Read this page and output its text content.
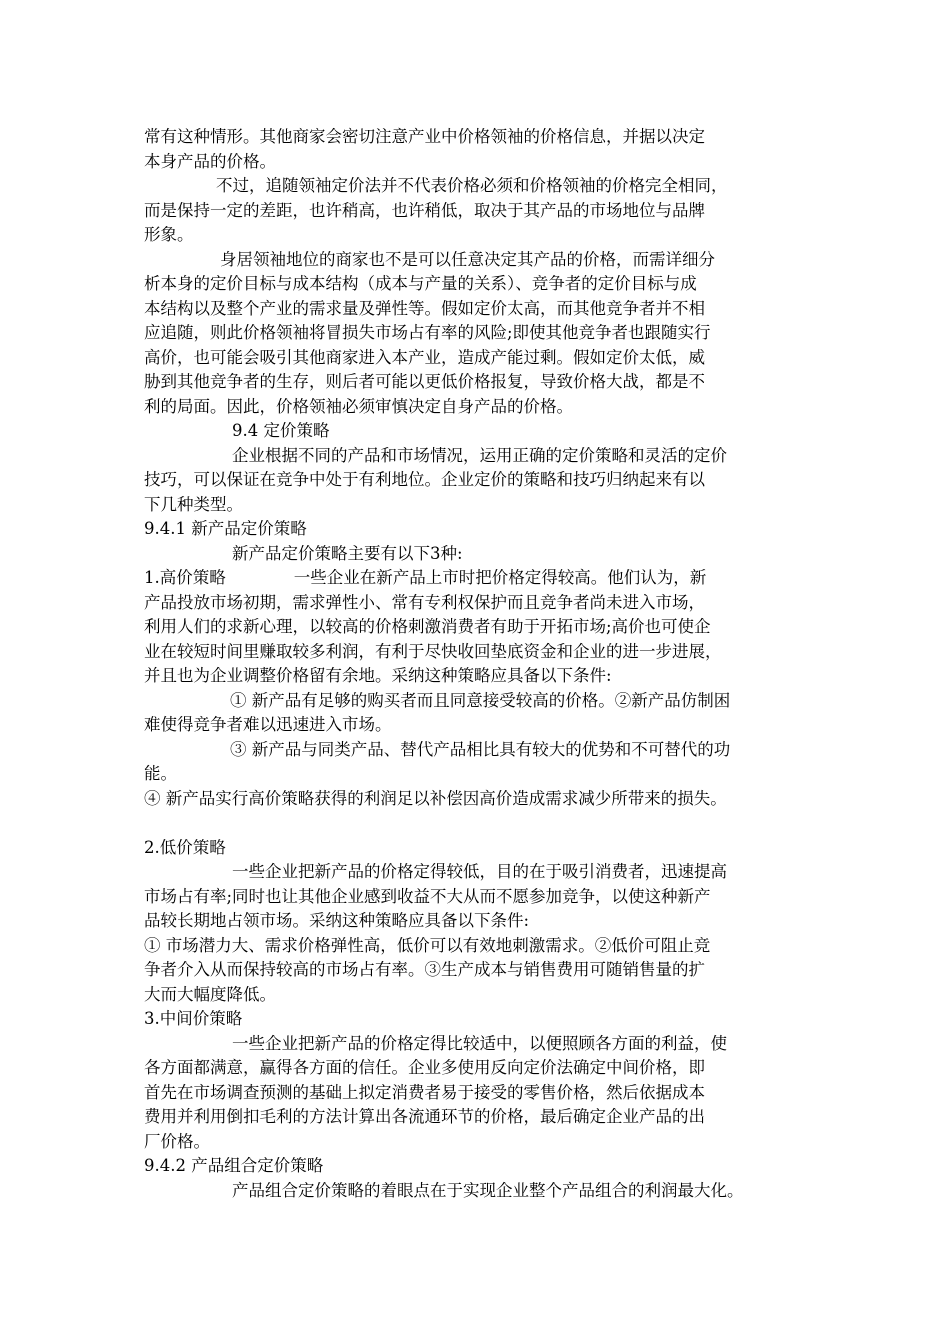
常有这种情形。其他商家会密切注意产业中价格领袖的价格信息，并据以决定
本身产品的价格。
不过，追随领袖定价法并不代表价格必须和价格领袖的价格完全相同，
而是保持一定的差距，也许稍高，也许稍低，取决于其产品的市场地位与品牌
形象。
身居领袖地位的商家也不是可以任意决定其产品的价格，而需详细分
析本身的定价目标与成本结构（成本与产量的关系）、竞争者的定价目标与成
本结构以及整个产业的需求量及弹性等。假如定价太高，而其他竞争者并不相
应追随，则此价格领袖将冒损失市场占有率的风险;即使其他竞争者也跟随实行
高价，也可能会吸引其他商家进入本产业，造成产能过剩。假如定价太低，威
胁到其他竞争者的生存，则后者可能以更低价格报复，导致价格大战，都是不
利的局面。因此，价格领袖必须审慎决定自身产品的价格。
9.4 定价策略
企业根据不同的产品和市场情况，运用正确的定价策略和灵活的定价
技巧，可以保证在竞争中处于有利地位。企业定价的策略和技巧归纳起来有以
下几种类型。
9.4.1 新产品定价策略
新产品定价策略主要有以下3种:
1.高价策略	一些企业在新产品上市时把价格定得较高。他们认为，新
产品投放市场初期，需求弹性小、常有专利权保护而且竞争者尚未进入市场，
利用人们的求新心理，以较高的价格刺激消费者有助于开拓市场;高价也可使企
业在较短时间里赚取较多利润，有利于尽快收回垫底资金和企业的进一步进展，
并且也为企业调整价格留有余地。采纳这种策略应具备以下条件:
① 新产品有足够的购买者而且同意接受较高的价格。②新产品仿制困
难使得竞争者难以迅速进入市场。
③ 新产品与同类产品、替代产品相比具有较大的优势和不可替代的功
能。
④ 新产品实行高价策略获得的利润足以补偿因高价造成需求减少所带来的损失。
2.低价策略
一些企业把新产品的价格定得较低，目的在于吸引消费者，迅速提高
市场占有率;同时也让其他企业感到收益不大从而不愿参加竞争，以使这种新产
品较长期地占领市场。采纳这种策略应具备以下条件:
① 市场潜力大、需求价格弹性高，低价可以有效地刺激需求。②低价可阻止竞
争者介入从而保持较高的市场占有率。③生产成本与销售费用可随销售量的扩
大而大幅度降低。
3.中间价策略
一些企业把新产品的价格定得比较适中，以便照顾各方面的利益，使
各方面都满意，赢得各方面的信任。企业多使用反向定价法确定中间价格，即
首先在市场调查预测的基础上拟定消费者易于接受的零售价格，然后依据成本
费用并利用倒扣毛利的方法计算出各流通环节的价格，最后确定企业产品的出
厂价格。
9.4.2 产品组合定价策略
产品组合定价策略的着眼点在于实现企业整个产品组合的利润最大化。
